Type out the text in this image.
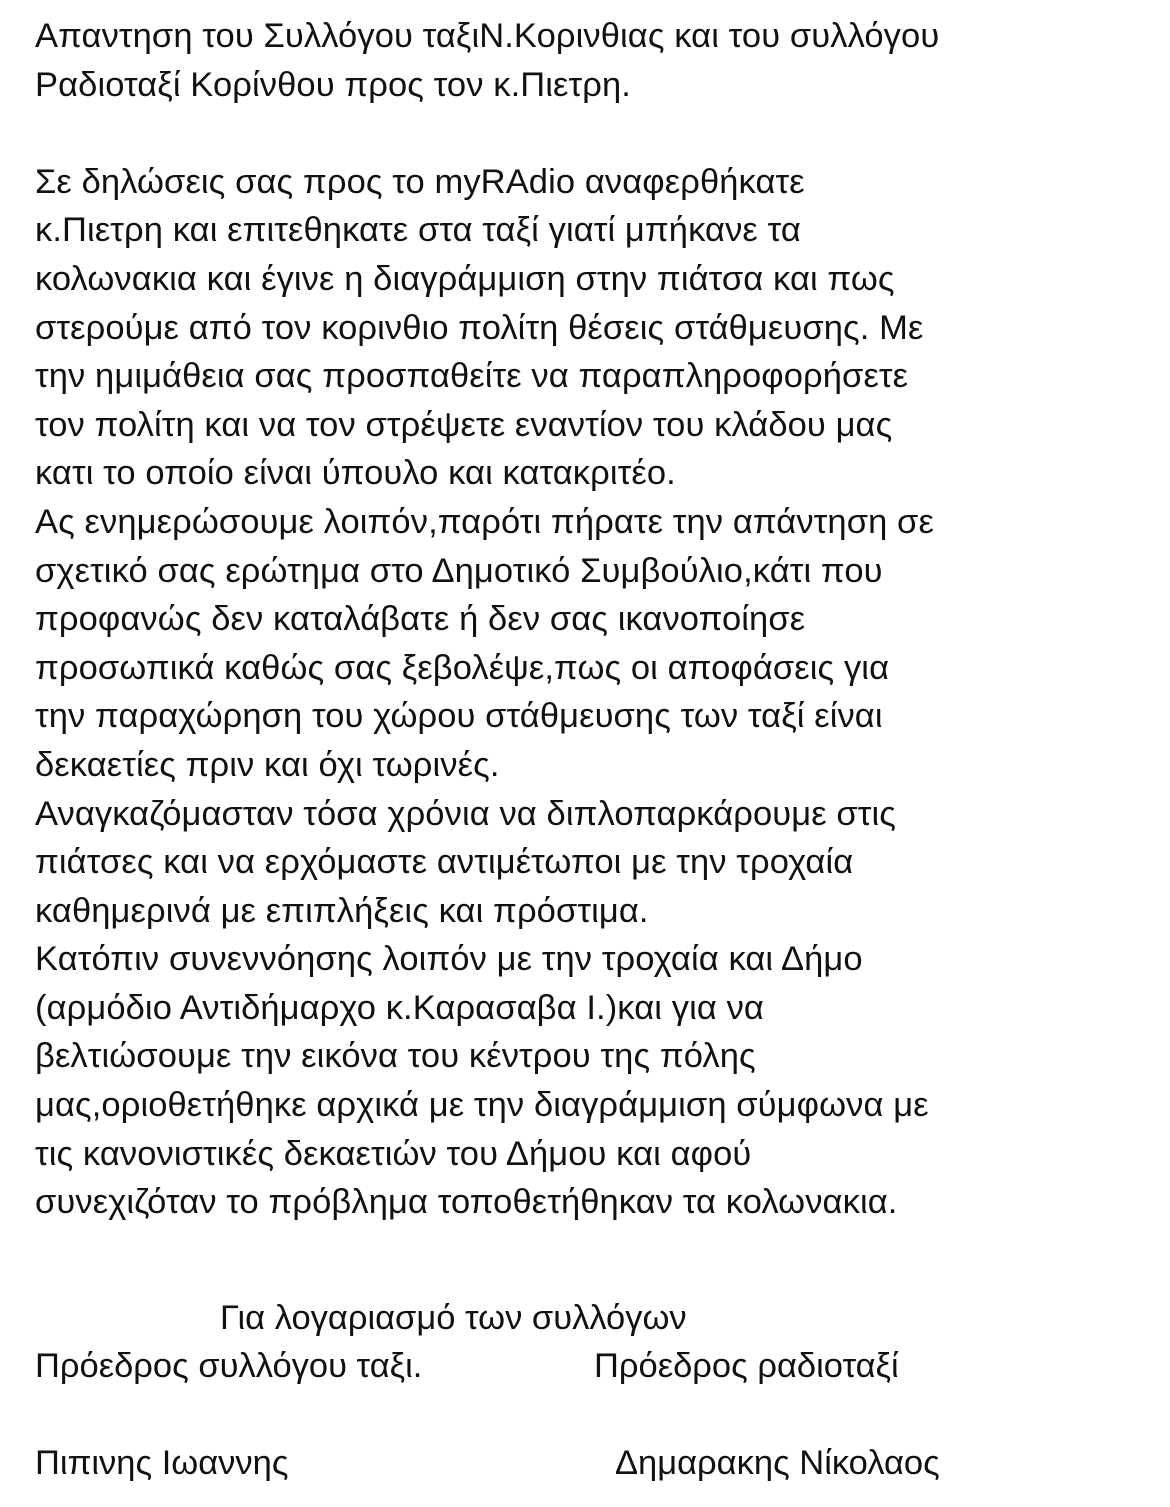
Απαντηση του Συλλόγου ταξιΝ.Κορινθιας και του συλλόγου
Ραδιοταξί Κορίνθου προς τον κ.Πιετρη.
Σε δηλώσεις σας προς το myRAdio αναφερθήκατε
κ.Πιετρη και επιτεθηκατε στα ταξί γιατί μπήκανε τα
κολωνακια και έγινε η διαγράμμιση στην πιάτσα και πως
στερούμε από τον κορινθιο πολίτη θέσεις στάθμευσης. Με
την ημιμάθεια σας προσπαθείτε να παραπληροφορήσετε
τον πολίτη και να τον στρέψετε εναντίον του κλάδου μας
κατι το οποίο είναι ύπουλο και κατακριτέο.
Ας ενημερώσουμε λοιπόν,παρότι πήρατε την απάντηση σε
σχετικό σας ερώτημα στο Δημοτικό Συμβούλιο,κάτι που
προφανώς δεν καταλάβατε ή δεν σας ικανοποίησε
προσωπικά καθώς σας ξεβολέψε,πως οι αποφάσεις για
την παραχώρηση του χώρου στάθμευσης των ταξί είναι
δεκαετίες πριν και όχι τωρινές.
Αναγκαζόμασταν τόσα χρόνια να διπλοπαρκάρουμε στις
πιάτσες και να ερχόμαστε αντιμέτωποι με την τροχαία
καθημερινά με επιπλήξεις και πρόστιμα.
Κατόπιν συνεννόησης λοιπόν με την τροχαία και Δήμο
(αρμόδιο Αντιδήμαρχο κ.Καρασαβα Ι.)και για να
βελτιώσουμε την εικόνα του κέντρου της πόλης
μας,οριοθετήθηκε αρχικά με την διαγράμμιση σύμφωνα με
τις κανονιστικές δεκαετιών του Δήμου και αφού
συνεχιζόταν το πρόβλημα τοποθετήθηκαν τα κολωνακια.
Για λογαριασμό των συλλόγων
Πρόεδρος συλλόγου ταξι.	Πρόεδρος ραδιοταξί
Πιπινης Ιωαννης	Δημαρακης Νίκολαος
